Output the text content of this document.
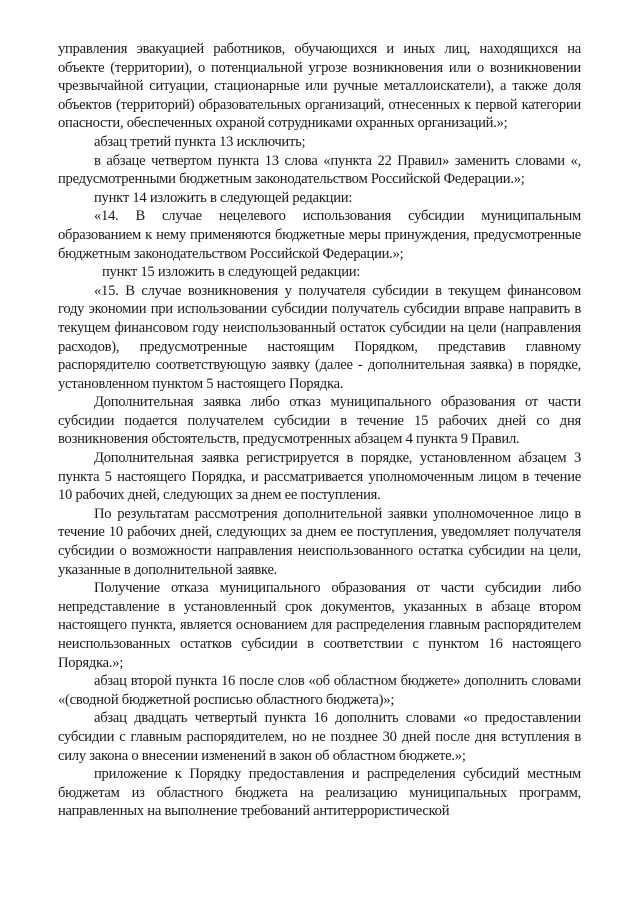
управления эвакуацией работников, обучающихся и иных лиц, находящихся на объекте (территории), о потенциальной угрозе возникновения или о возникновении чрезвычайной ситуации, стационарные или ручные металлоискатели), а также доля объектов (территорий) образовательных организаций, отнесенных к первой категории опасности, обеспеченных охраной сотрудниками охранных организаций.»;

абзац третий пункта 13 исключить;

в абзаце четвертом пункта 13 слова «пункта 22 Правил» заменить словами «, предусмотренными бюджетным законодательством Российской Федерации.»;

пункт 14 изложить в следующей редакции:

«14. В случае нецелевого использования субсидии муниципальным образованием к нему применяются бюджетные меры принуждения, предусмотренные бюджетным законодательством Российской Федерации.»;

пункт 15 изложить в следующей редакции:

«15. В случае возникновения у получателя субсидии в текущем финансовом году экономии при использовании субсидии получатель субсидии вправе направить в текущем финансовом году неиспользованный остаток субсидии на цели (направления расходов), предусмотренные настоящим Порядком, представив главному распорядителю соответствующую заявку (далее - дополнительная заявка) в порядке, установленном пунктом 5 настоящего Порядка.

Дополнительная заявка либо отказ муниципального образования от части субсидии подается получателем субсидии в течение 15 рабочих дней со дня возникновения обстоятельств, предусмотренных абзацем 4 пункта 9 Правил.

Дополнительная заявка регистрируется в порядке, установленном абзацем 3 пункта 5 настоящего Порядка, и рассматривается уполномоченным лицом в течение 10 рабочих дней, следующих за днем ее поступления.

По результатам рассмотрения дополнительной заявки уполномоченное лицо в течение 10 рабочих дней, следующих за днем ее поступления, уведомляет получателя субсидии о возможности направления неиспользованного остатка субсидии на цели, указанные в дополнительной заявке.

Получение отказа муниципального образования от части субсидии либо непредставление в установленный срок документов, указанных в абзаце втором настоящего пункта, является основанием для распределения главным распорядителем неиспользованных остатков субсидии в соответствии с пунктом 16 настоящего Порядка.»;

абзац второй пункта 16 после слов «об областном бюджете» дополнить словами «(сводной бюджетной росписью областного бюджета)»;

абзац двадцать четвертый пункта 16 дополнить словами «о предоставлении субсидии с главным распорядителем, но не позднее 30 дней после дня вступления в силу закона о внесении изменений в закон об областном бюджете.»;

приложение к Порядку предоставления и распределения субсидий местным бюджетам из областного бюджета на реализацию муниципальных программ, направленных на выполнение требований антитеррористической
